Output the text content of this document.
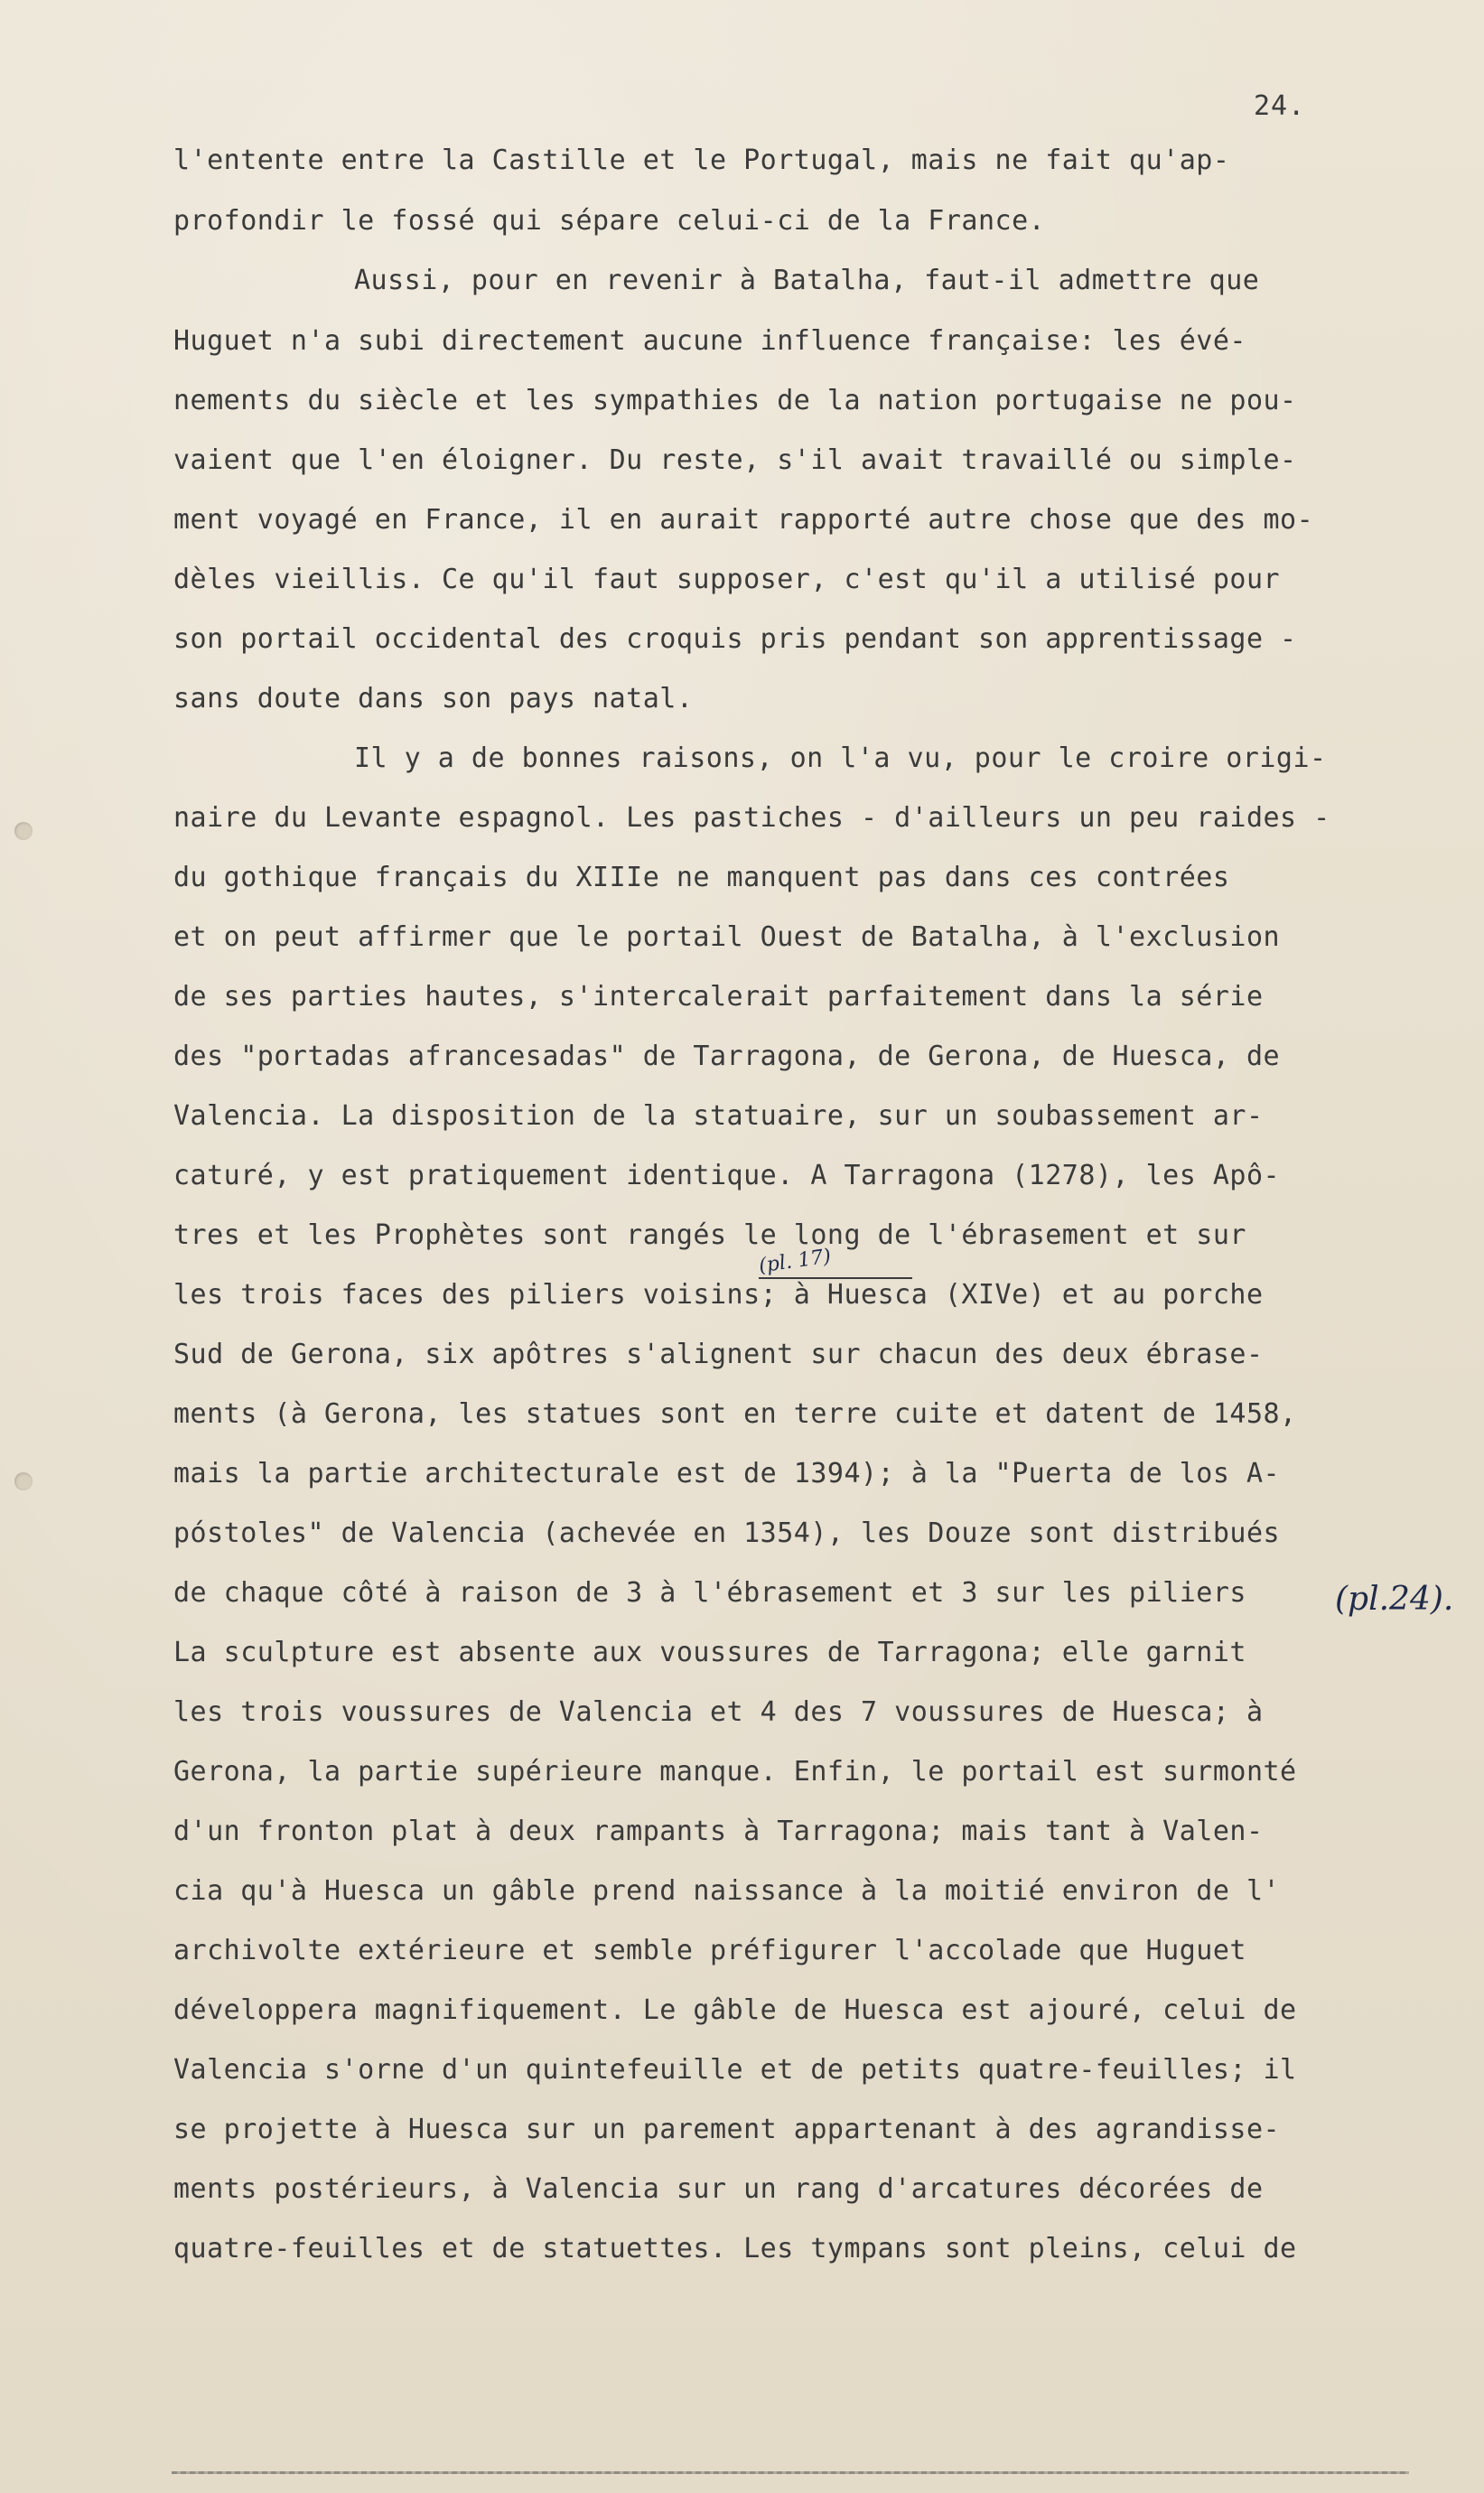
24.
l'entente entre la Castille et le Portugal, mais ne fait qu'ap-
profondir le fossé qui sépare celui-ci de la France.
Aussi, pour en revenir à Batalha, faut-il admettre que
Huguet n'a subi directement aucune influence française: les évé-
nements du siècle et les sympathies de la nation portugaise ne pou-
vaient que l'en éloigner. Du reste, s'il avait travaillé ou simple-
ment voyagé en France, il en aurait rapporté autre chose que des mo-
dèles vieillis. Ce qu'il faut supposer, c'est qu'il a utilisé pour
son portail occidental des croquis pris pendant son apprentissage -
sans doute dans son pays natal.
Il y a de bonnes raisons, on l'a vu, pour le croire origi-
naire du Levante espagnol. Les pastiches - d'ailleurs un peu raides -
du gothique français du XIIIe ne manquent pas dans ces contrées
et on peut affirmer que le portail Ouest de Batalha, à l'exclusion
de ses parties hautes, s'intercalerait parfaitement dans la série
des "portadas afrancesadas" de Tarragona, de Gerona, de Huesca, de
Valencia. La disposition de la statuaire, sur un soubassement ar-
caturé, y est pratiquement identique. A Tarragona (1278), les Apô-
tres et les Prophètes sont rangés le long de l'ébrasement et sur
les trois faces des piliers voisins; à Huesca (XIVe) et au porche
Sud de Gerona, six apôtres s'alignent sur chacun des deux ébrase-
ments (à Gerona, les statues sont en terre cuite et datent de 1458,
mais la partie architecturale est de 1394); à la "Puerta de los A-
póstoles" de Valencia (achevée en 1354), les Douze sont distribués
de chaque côté à raison de 3 à l'ébrasement et 3 sur les piliers
La sculpture est absente aux voussures de Tarragona; elle garnit
les trois voussures de Valencia et 4 des 7 voussures de Huesca; à
Gerona, la partie supérieure manque. Enfin, le portail est surmonté
d'un fronton plat à deux rampants à Tarragona; mais tant à Valen-
cia qu'à Huesca un gâble prend naissance à la moitié environ de l'
archivolte extérieure et semble préfigurer l'accolade que Huguet
développera magnifiquement. Le gâble de Huesca est ajouré, celui de
Valencia s'orne d'un quintefeuille et de petits quatre-feuilles; il
se projette à Huesca sur un parement appartenant à des agrandisse-
ments postérieurs, à Valencia sur un rang d'arcatures décorées de
quatre-feuilles et de statuettes. Les tympans sont pleins, celui de
(pl. 17)
(pl.24).
